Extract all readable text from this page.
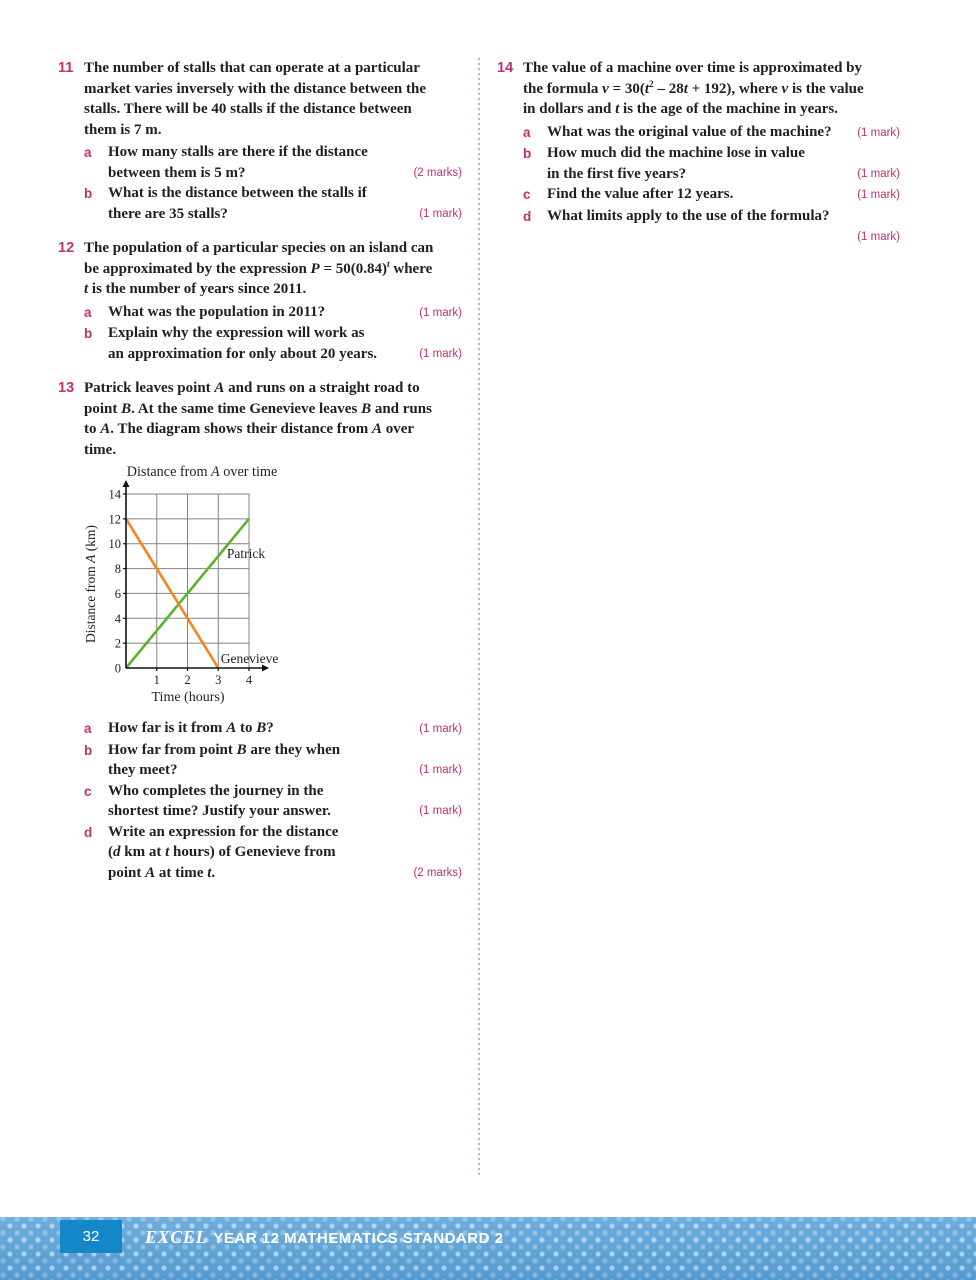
11 The number of stalls that can operate at a particular
market varies inversely with the distance between the
stalls. There will be 40 stalls if the distance between
them is 7 m.
a	How many stalls are there if the distance
between them is 5 m?	(2 marks)
b	What is the distance between the stalls if
there are 35 stalls?	(1 mark)
12 The population of a particular species on an island can
be approximated by the expression $P = 50(0.84)^t$ where
t is the number of years since 2011.
a	What was the population in 2011?	(1 mark)
b	Explain why the expression will work as
an approximation for only about 20 years.	(1 mark)
13 Patrick leaves point A and runs on a straight road to
point B. At the same time Genevieve leaves B and runs
to A. The diagram shows their distance from A over
time.
0
2
4
6
8
10
12
14
1 2 3 4
Distance from A over time
Time (hours)
Distance from A (km)	Patrick
Genevieve
a	How far is it from A to B?	(1 mark)
b	How far from point B are they when
they meet?	(1 mark)
c	Who completes the journey in the
shortest time? Justify your answer.	(1 mark)
d	Write an expression for the distance
(d km at t hours) of Genevieve from
point A at time t.	(2 marks)
14 The value of a machine over time is approximated by
the formula $v = 30(t^2 - 28t + 192)$, where v is the value
in dollars and t is the age of the machine in years.
a	What was the original value of the machine?	(1 mark)
b	How much did the machine lose in value
in the first five years?	(1 mark)
c	Find the value after 12 years.	(1 mark)
d	What limits apply to the use of the formula?
(1 mark)
32	EXCEL YEAR 12 MATHEMATICS STANDARD 2
